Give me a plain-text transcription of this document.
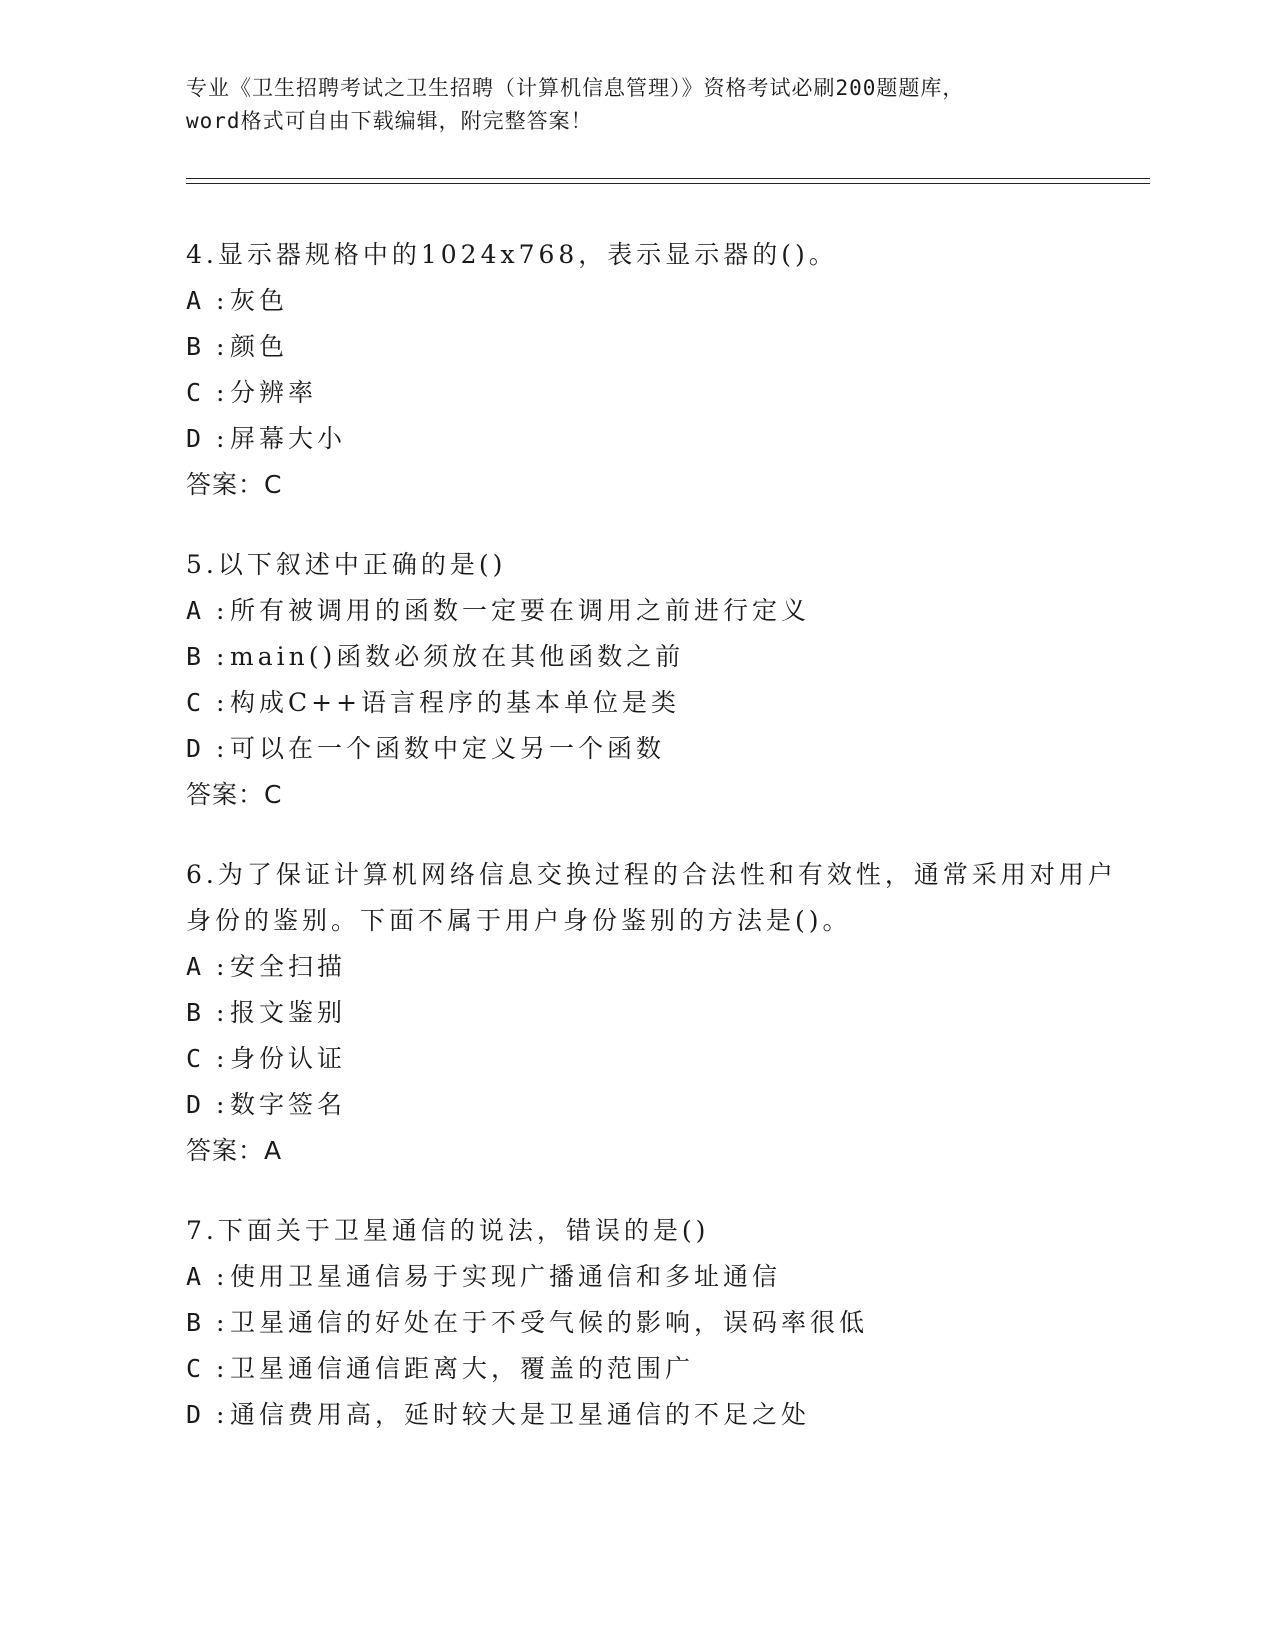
专业《卫生招聘考试之卫生招聘（计算机信息管理）》资格考试必刷200题题库，
word格式可自由下载编辑，附完整答案！

4.显示器规格中的1024x768，表示显示器的()。

A : 灰色
B : 颜色
C : 分辨率
D : 屏幕大小
答案：C

5.以下叙述中正确的是()

A : 所有被调用的函数一定要在调用之前进行定义
B : main()函数必须放在其他函数之前
C : 构成C++语言程序的基本单位是类
D : 可以在一个函数中定义另一个函数
答案：C

6.为了保证计算机网络信息交换过程的合法性和有效性，通常采用对用户身份的鉴别。下面不属于用户身份鉴别的方法是()。

A : 安全扫描
B : 报文鉴别
C : 身份认证
D : 数字签名
答案：A

7.下面关于卫星通信的说法，错误的是()

A : 使用卫星通信易于实现广播通信和多址通信
B : 卫星通信的好处在于不受气候的影响，误码率很低
C : 卫星通信通信距离大，覆盖的范围广
D : 通信费用高，延时较大是卫星通信的不足之处
